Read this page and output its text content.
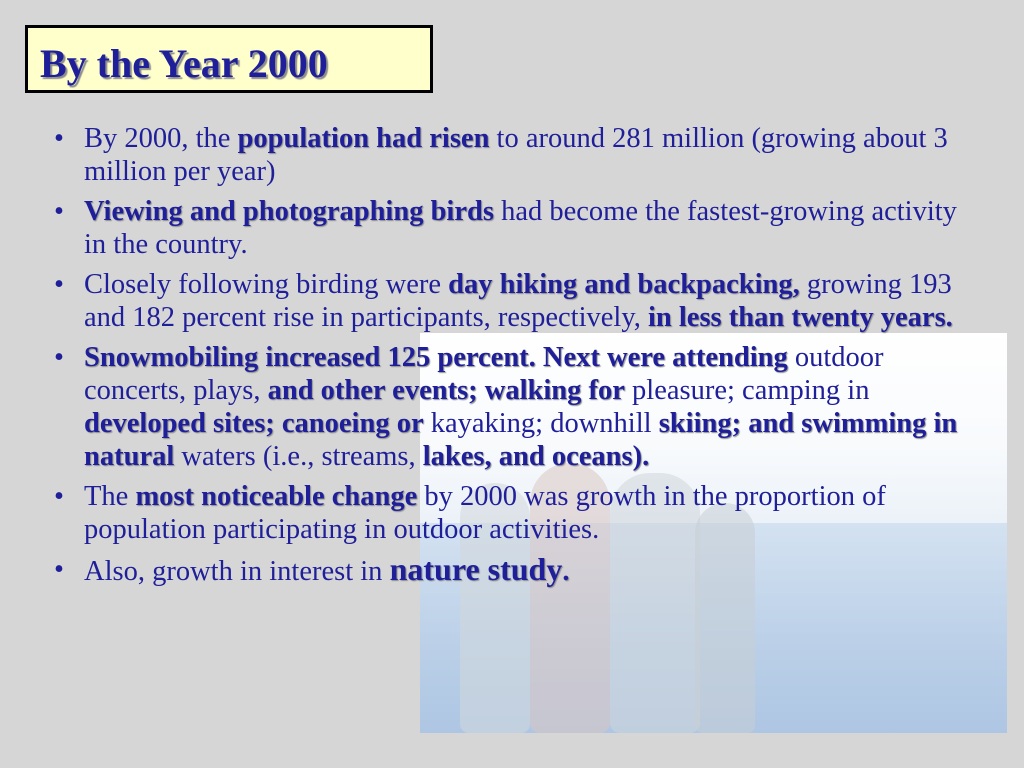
By the Year 2000
• By 2000, the population had risen to around 281 million (growing about 3 million per year)
• Viewing and photographing birds had become the fastest-growing activity in the country.
• Closely following birding were day hiking and backpacking, growing 193 and 182 percent rise in participants, respectively, in less than twenty years.
• Snowmobiling increased 125 percent. Next were attending outdoor concerts, plays, and other events; walking for pleasure; camping in developed sites; canoeing or kayaking; downhill skiing; and swimming in natural waters (i.e., streams, lakes, and oceans).
• The most noticeable change by 2000 was growth in the proportion of population participating in outdoor activities.
• Also, growth in interest in nature study.
